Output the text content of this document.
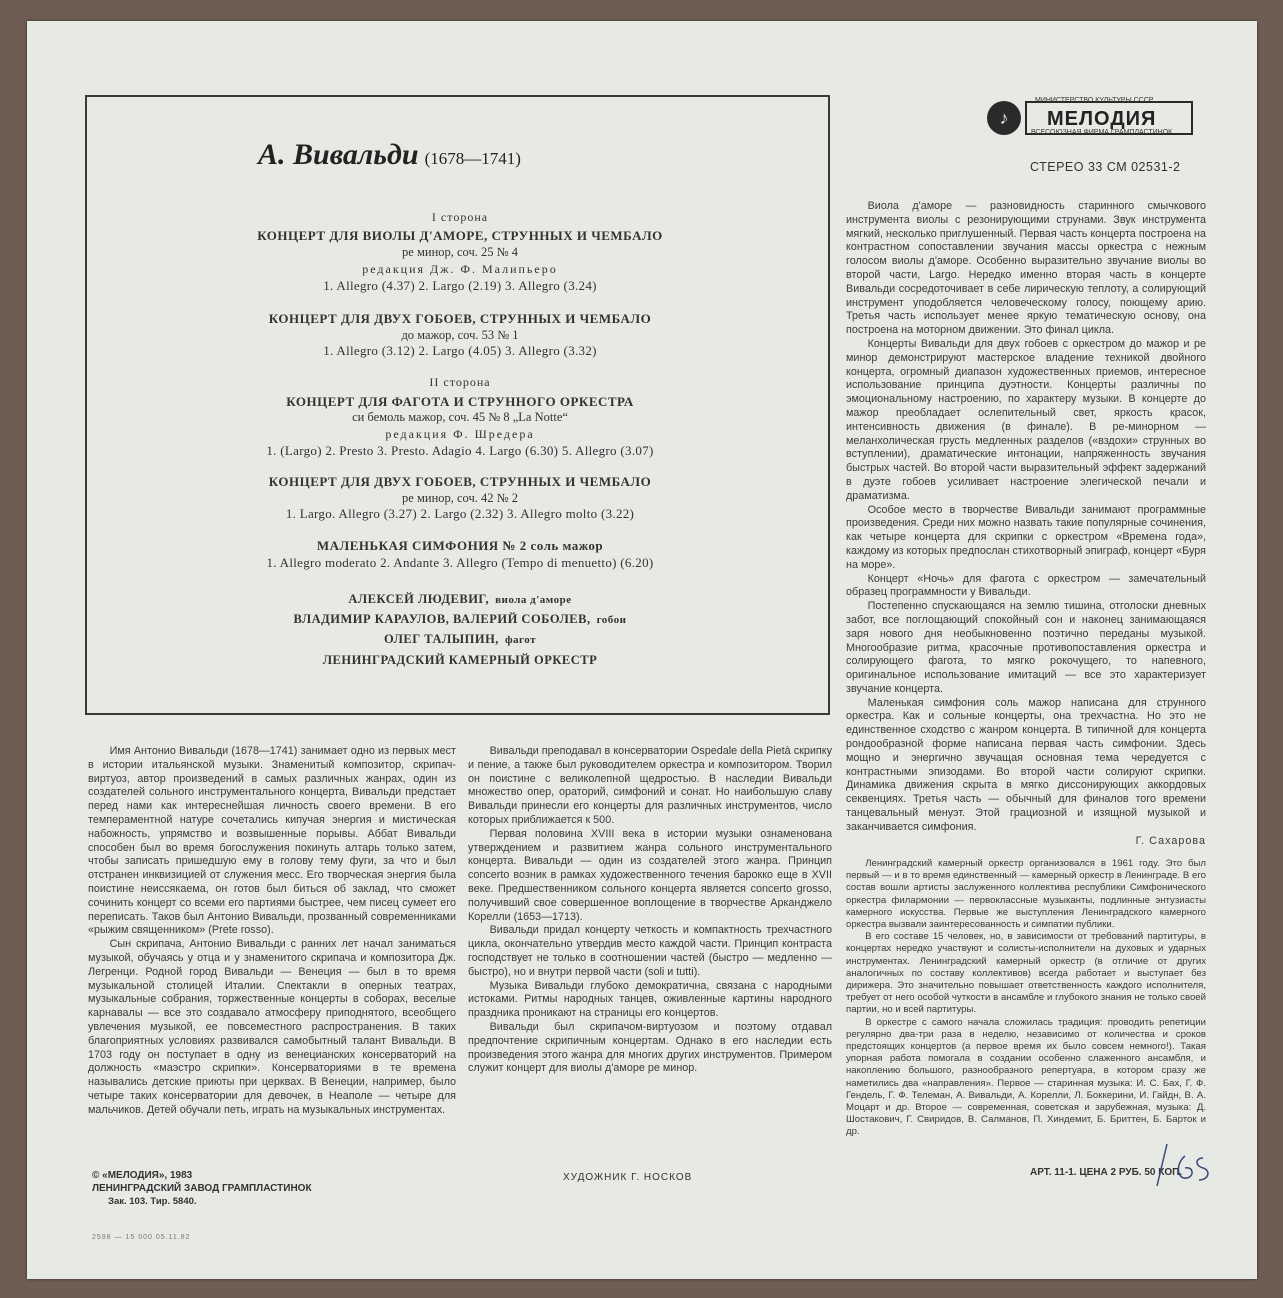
А. Вивальди (1678—1741)
I сторона
КОНЦЕРТ ДЛЯ ВИОЛЫ Д'АМОРЕ, СТРУННЫХ И ЧЕМБАЛО
ре минор, соч. 25 № 4
редакция Дж. Ф. Малипьеро
1. Allegro (4.37) 2. Largo (2.19) 3. Allegro (3.24)
КОНЦЕРТ ДЛЯ ДВУХ ГОБОЕВ, СТРУННЫХ И ЧЕМБАЛО
до мажор, соч. 53 № 1
1. Allegro (3.12) 2. Largo (4.05) 3. Allegro (3.32)
II сторона
КОНЦЕРТ ДЛЯ ФАГОТА И СТРУННОГО ОРКЕСТРА
си бемоль мажор, соч. 45 № 8 „La Notte“
редакция Ф. Шредера
1. (Largo) 2. Presto 3. Presto. Adagio 4. Largo (6.30) 5. Allegro (3.07)
КОНЦЕРТ ДЛЯ ДВУХ ГОБОЕВ, СТРУННЫХ И ЧЕМБАЛО
ре минор, соч. 42 № 2
1. Largo. Allegro (3.27) 2. Largo (2.32) 3. Allegro molto (3.22)
МАЛЕНЬКАЯ СИМФОНИЯ № 2 соль мажор
1. Allegro moderato 2. Andante 3. Allegro (Tempo di menuetto) (6.20)
АЛЕКСЕЙ ЛЮДЕВИГ, виола д'аморе
ВЛАДИМИР КАРАУЛОВ, ВАЛЕРИЙ СОБОЛЕВ, гобои
ОЛЕГ ТАЛЫПИН, фагот
ЛЕНИНГРАДСКИЙ КАМЕРНЫЙ ОРКЕСТР
♪
МИНИСТЕРСТВО КУЛЬТУРЫ СССР
МЕЛОДИЯ
ВСЕСОЮЗНАЯ ФИРМА ГРАМПЛАСТИНОК
СТЕРЕО 33 СМ 02531-2

Виола д'аморе — разновидность старинного смычкового инструмента виолы с резонирующими струнами. Звук инструмента мягкий, несколько приглушенный. Первая часть концерта построена на контрастном сопоставлении звучания массы оркестра с нежным голосом виолы д'аморе. Особенно выразительно звучание виолы во второй части, Largo. Нередко именно вторая часть в концерте Вивальди сосредоточивает в себе лирическую теплоту, а солирующий инструмент уподобляется человеческому голосу, поющему арию. Третья часть использует менее яркую тематическую основу, она построена на моторном движении. Это финал цикла.

Концерты Вивальди для двух гобоев с оркестром до мажор и ре минор демонстрируют мастерское владение техникой двойного концерта, огромный диапазон художественных приемов, интересное использование принципа дуэтности. Концерты различны по эмоциональному настроению, по характеру музыки. В концерте до мажор преобладает ослепительный свет, яркость красок, интенсивность движения (в финале). В ре-минорном — меланхолическая грусть медленных разделов («вздохи» струнных во вступлении), драматические интонации, напряженность звучания быстрых частей. Во второй части выразительный эффект задержаний в дуэте гобоев усиливает настроение элегической печали и драматизма.

Особое место в творчестве Вивальди занимают программные произведения. Среди них можно назвать такие популярные сочинения, как четыре концерта для скрипки с оркестром «Времена года», каждому из которых предпослан стихотворный эпиграф, концерт «Буря на море».

Концерт «Ночь» для фагота с оркестром — замечательный образец программности у Вивальди.

Постепенно спускающаяся на землю тишина, отголоски дневных забот, все поглощающий спокойный сон и наконец занимающаяся заря нового дня необыкновенно поэтично переданы музыкой. Многообразие ритма, красочные противопоставления оркестра и солирующего фагота, то мягко рокочущего, то напевного, оригинальное использование имитаций — все это характеризует звучание концерта.

Маленькая симфония соль мажор написана для струнного оркестра. Как и сольные концерты, она трехчастна. Но это не единственное сходство с жанром концерта. В типичной для концерта рондообразной форме написана первая часть симфонии. Здесь мощно и энергично звучащая основная тема чередуется с контрастными эпизодами. Во второй части солируют скрипки. Динамика движения скрыта в мягко диссонирующих аккордовых секвенциях. Третья часть — обычный для финалов того времени танцевальный менуэт. Этой грациозной и изящной музыкой и заканчивается симфония.

Г. Сахарова

Ленинградский камерный оркестр организовался в 1961 году. Это был первый — и в то время единственный — камерный оркестр в Ленинграде. В его состав вошли артисты заслуженного коллектива республики Симфонического оркестра филармонии — первоклассные музыканты, подлинные энтузиасты камерного искусства. Первые же выступления Ленинградского камерного оркестра вызвали заинтересованность и симпатии публики.

В его составе 15 человек, но, в зависимости от требований партитуры, в концертах нередко участвуют и солисты-исполнители на духовых и ударных инструментах. Ленинградский камерный оркестр (в отличие от других аналогичных по составу коллективов) всегда работает и выступает без дирижера. Это значительно повышает ответственность каждого исполнителя, требует от него особой чуткости в ансамбле и глубокого знания не только своей партии, но и всей партитуры.

В оркестре с самого начала сложилась традиция: проводить репетиции регулярно два-три раза в неделю, независимо от количества и сроков предстоящих концертов (а первое время их было совсем немного!). Такая упорная работа помогала в создании особенно слаженного ансамбля, и накоплению большого, разнообразного репертуара, в котором сразу же наметились два «направления». Первое — старинная музыка: И. С. Бах, Г. Ф. Гендель, Г. Ф. Телеман, А. Вивальди, А. Корелли, Л. Боккерини, И. Гайдн, В. А. Моцарт и др. Второе — современная, советская и зарубежная, музыка: Д. Шостакович, Г. Свиридов, В. Салманов, П. Хиндемит, Б. Бриттен, Б. Барток и др.

Имя Антонио Вивальди (1678—1741) занимает одно из первых мест в истории итальянской музыки. Знаменитый композитор, скрипач-виртуоз, автор произведений в самых различных жанрах, один из создателей сольного инструментального концерта, Вивальди предстает перед нами как интереснейшая личность своего времени. В его темпераментной натуре сочетались кипучая энергия и мистическая набожность, упрямство и возвышенные порывы. Аббат Вивальди способен был во время богослужения покинуть алтарь только затем, чтобы записать пришедшую ему в голову тему фуги, за что и был отстранен инквизицией от служения месс. Его творческая энергия была поистине неиссякаема, он готов был биться об заклад, что сможет сочинить концерт со всеми его партиями быстрее, чем писец сумеет его переписать. Таков был Антонио Вивальди, прозванный современниками «рыжим священником» (Prete rosso).

Сын скрипача, Антонио Вивальди с ранних лет начал заниматься музыкой, обучаясь у отца и у знаменитого скрипача и композитора Дж. Легренци. Родной город Вивальди — Венеция — был в то время музыкальной столицей Италии. Спектакли в оперных театрах, музыкальные собрания, торжественные концерты в соборах, веселые карнавалы — все это создавало атмосферу приподнятого, всеобщего увлечения музыкой, ее повсеместного распространения. В таких благоприятных условиях развивался самобытный талант Вивальди. В 1703 году он поступает в одну из венецианских консерваторий на должность «маэстро скрипки». Консерваториями в те времена назывались детские приюты при церквах. В Венеции, например, было четыре таких консерватории для девочек, в Неаполе — четыре для мальчиков. Детей обучали петь, играть на музыкальных инструментах.

Вивальди преподавал в консерватории Ospedale della Pietà скрипку и пение, а также был руководителем оркестра и композитором. Творил он поистине с великолепной щедростью. В наследии Вивальди множество опер, ораторий, симфоний и сонат. Но наибольшую славу Вивальди принесли его концерты для различных инструментов, число которых приближается к 500.

Первая половина XVIII века в истории музыки ознаменована утверждением и развитием жанра сольного инструментального концерта. Вивальди — один из создателей этого жанра. Принцип concerto возник в рамках художественного течения барокко еще в XVII веке. Предшественником сольного концерта является concerto grosso, получивший свое совершенное воплощение в творчестве Арканджело Корелли (1653—1713).

Вивальди придал концерту четкость и компактность трехчастного цикла, окончательно утвердив место каждой части. Принцип контраста господствует не только в соотношении частей (быстро — медленно — быстро), но и внутри первой части (soli и tutti).

Музыка Вивальди глубоко демократична, связана с народными истоками. Ритмы народных танцев, оживленные картины народного праздника проникают на страницы его концертов.

Вивальди был скрипачом-виртуозом и поэтому отдавал предпочтение скрипичным концертам. Однако в его наследии есть произведения этого жанра для многих других инструментов. Примером служит концерт для виолы д'аморе ре минор.

© «МЕЛОДИЯ», 1983
ЛЕНИНГРАДСКИЙ ЗАВОД ГРАМПЛАСТИНОК
Зак. 103. Тир. 5840.
ХУДОЖНИК Г. НОСКОВ	АРТ. 11-1. ЦЕНА 2 РУБ. 50 КОП.
2598 — 15 000 05.11.82
